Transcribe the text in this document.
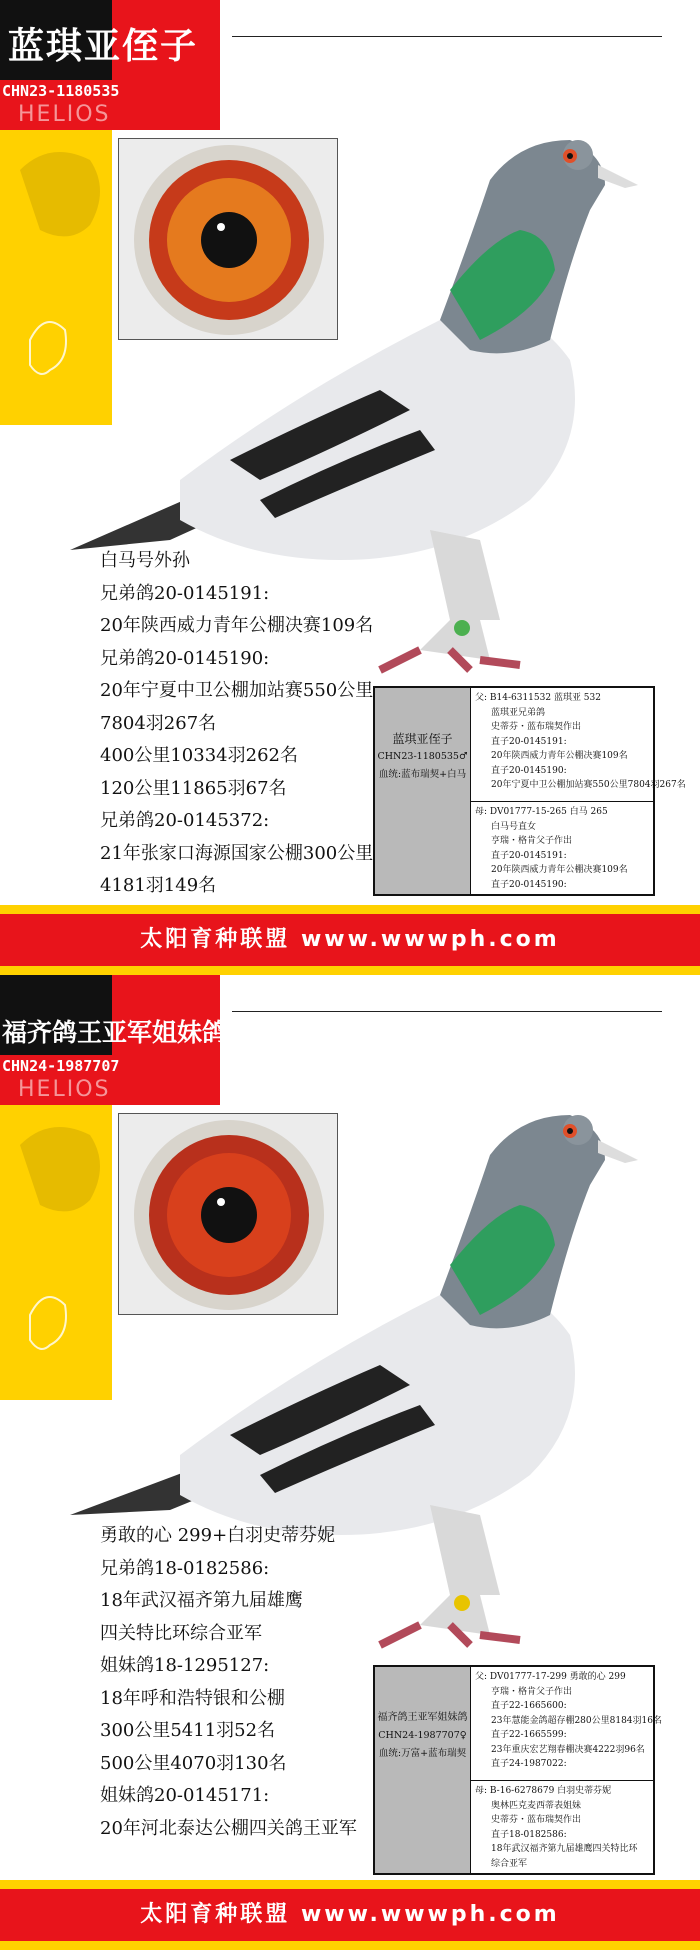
蓝琪亚侄子
CHN23-1180535
HELIOS
白马号外孙
兄弟鸽20-0145191:
20年陕西威力青年公棚决赛109名
兄弟鸽20-0145190:
20年宁夏中卫公棚加站赛550公里
7804羽267名
400公里10334羽262名
120公里11865羽67名
兄弟鸽20-0145372:
21年张家口海源国家公棚300公里
4181羽149名
蓝琪亚侄子
CHN23-1180535♂
血统:蓝布瑞契+白马
父: B14-6311532 蓝琪亚 532
蓝琪亚兄弟鸽
史蒂芬・蓝布瑞契作出
直子20-0145191:
20年陕西威力青年公棚决赛109名
直子20-0145190:
20年宁夏中卫公棚加站赛550公里7804羽267名
母: DV01777-15-265 白马 265
白马号直女
亨瑞・格肯父子作出
直子20-0145191:
20年陕西威力青年公棚决赛109名
直子20-0145190:
太阳育种联盟 www.wwwph.com
福齐鸽王亚军姐妹鸽
CHN24-1987707
HELIOS
勇敢的心 299+白羽史蒂芬妮
兄弟鸽18-0182586:
18年武汉福齐第九届雄鹰
四关特比环综合亚军
姐妹鸽18-1295127:
18年呼和浩特银和公棚
300公里5411羽52名
500公里4070羽130名
姐妹鸽20-0145171:
20年河北泰达公棚四关鸽王亚军
福齐鸽王亚军姐妹鸽
CHN24-1987707♀
血统:万富+蓝布瑞契
父: DV01777-17-299 勇敢的心 299
亨瑞・格肯父子作出
直子22-1665600:
23年慧能金鸽超存棚280公里8184羽16名
直子22-1665599:
23年重庆宏艺翔春棚决赛4222羽96名
直子24-1987022:
母: B-16-6278679 白羽史蒂芬妮
奥林匹克麦西蒂表姐妹
史蒂芬・蓝布瑞契作出
直子18-0182586:
18年武汉福齐第九届雄鹰四关特比环
综合亚军
太阳育种联盟 www.wwwph.com
